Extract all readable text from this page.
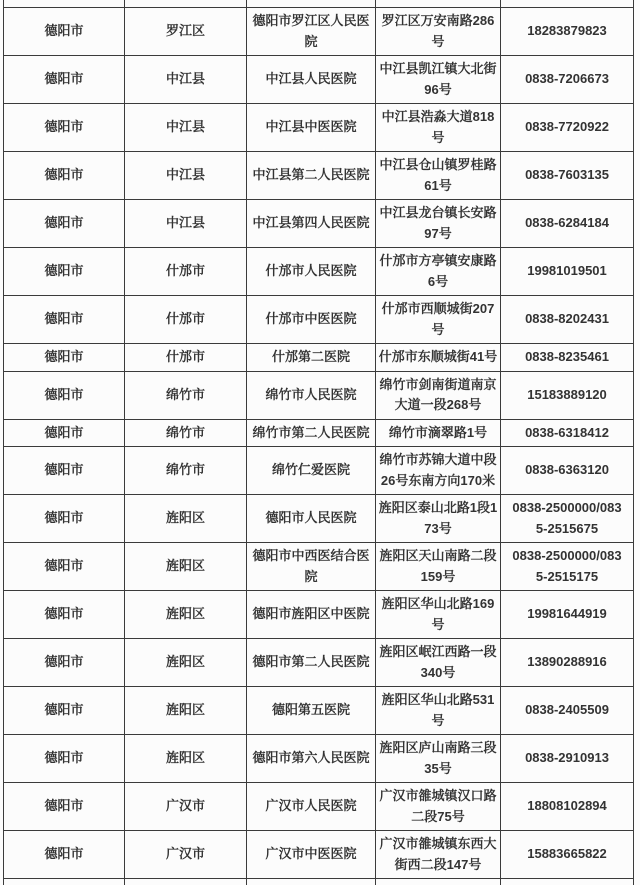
德阳市	罗江区	德阳市罗江区人民医院	罗江区万安南路286号	18283879823
德阳市	中江县	中江县人民医院	中江县凯江镇大北街96号	0838-7206673
德阳市	中江县	中江县中医医院	中江县浩淼大道818号	0838-7720922
德阳市	中江县	中江县第二人民医院	中江县仓山镇罗桂路61号	0838-7603135
德阳市	中江县	中江县第四人民医院	中江县龙台镇长安路97号	0838-6284184
德阳市	什邡市	什邡市人民医院	什邡市方亭镇安康路6号	19981019501
德阳市	什邡市	什邡市中医医院	什邡市西顺城街207号	0838-8202431
德阳市	什邡市	什邡第二医院	什邡市东顺城街41号	0838-8235461
德阳市	绵竹市	绵竹市人民医院	绵竹市剑南街道南京大道一段268号	15183889120
德阳市	绵竹市	绵竹市第二人民医院	绵竹市滴翠路1号	0838-6318412
德阳市	绵竹市	绵竹仁爱医院	绵竹市苏锦大道中段26号东南方向170米	0838-6363120
德阳市	旌阳区	德阳市人民医院	旌阳区泰山北路1段173号	0838-2500000/0835-2515675
德阳市	旌阳区	德阳市中西医结合医院	旌阳区天山南路二段159号	0838-2500000/0835-2515175
德阳市	旌阳区	德阳市旌阳区中医院	旌阳区华山北路169号	19981644919
德阳市	旌阳区	德阳市第二人民医院	旌阳区岷江西路一段340号	13890288916
德阳市	旌阳区	德阳第五医院	旌阳区华山北路531号	0838-2405509
德阳市	旌阳区	德阳市第六人民医院	旌阳区庐山南路三段35号	0838-2910913
德阳市	广汉市	广汉市人民医院	广汉市雒城镇汉口路二段75号	18808102894
德阳市	广汉市	广汉市中医医院	广汉市雒城镇东西大街西二段147号	15883665822
